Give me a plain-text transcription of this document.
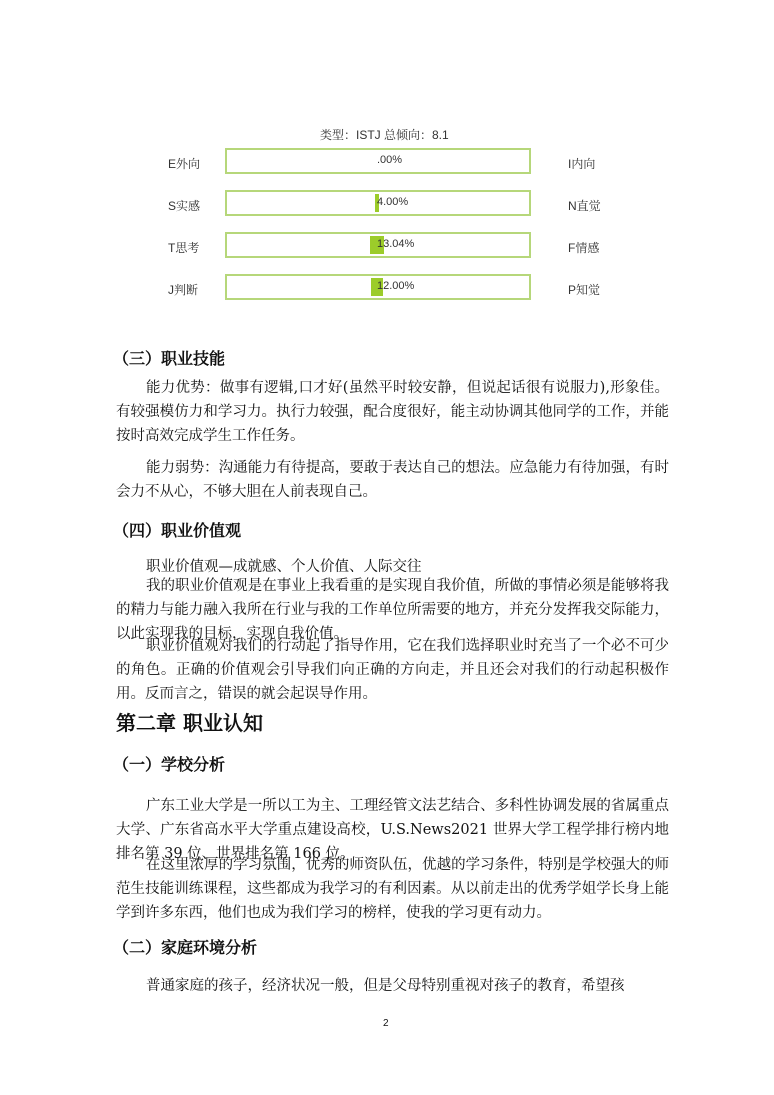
类型：ISTJ 总倾向：8.1
E外向	.00%	I内向
S实感	4.00%	N直觉
T思考	13.04%	F情感
J判断	12.00%	P知觉
（三）职业技能

能力优势：做事有逻辑,口才好(虽然平时较安静，但说起话很有说服力),形象佳。有较强模仿力和学习力。执行力较强，配合度很好，能主动协调其他同学的工作，并能按时高效完成学生工作任务。

能力弱势：沟通能力有待提高，要敢于表达自己的想法。应急能力有待加强，有时会力不从心，不够大胆在人前表现自己。

（四）职业价值观
职业价值观—成就感、个人价值、人际交往

我的职业价值观是在事业上我看重的是实现自我价值，所做的事情必须是能够将我的精力与能力融入我所在行业与我的工作单位所需要的地方，并充分发挥我交际能力，以此实现我的目标，实现自我价值。

职业价值观对我们的行动起了指导作用，它在我们选择职业时充当了一个必不可少的角色。正确的价值观会引导我们向正确的方向走，并且还会对我们的行动起积极作用。反而言之，错误的就会起误导作用。

第二章 职业认知
（一）学校分析

广东工业大学是一所以工为主、工理经管文法艺结合、多科性协调发展的省属重点大学、广东省高水平大学重点建设高校，U.S.News2021 世界大学工程学排行榜内地排名第 39 位、世界排名第 166 位。

在这里浓厚的学习氛围，优秀的师资队伍，优越的学习条件，特别是学校强大的师范生技能训练课程，这些都成为我学习的有利因素。从以前走出的优秀学姐学长身上能学到许多东西，他们也成为我们学习的榜样，使我的学习更有动力。

（二）家庭环境分析

普通家庭的孩子，经济状况一般，但是父母特别重视对孩子的教育，希望孩

2
